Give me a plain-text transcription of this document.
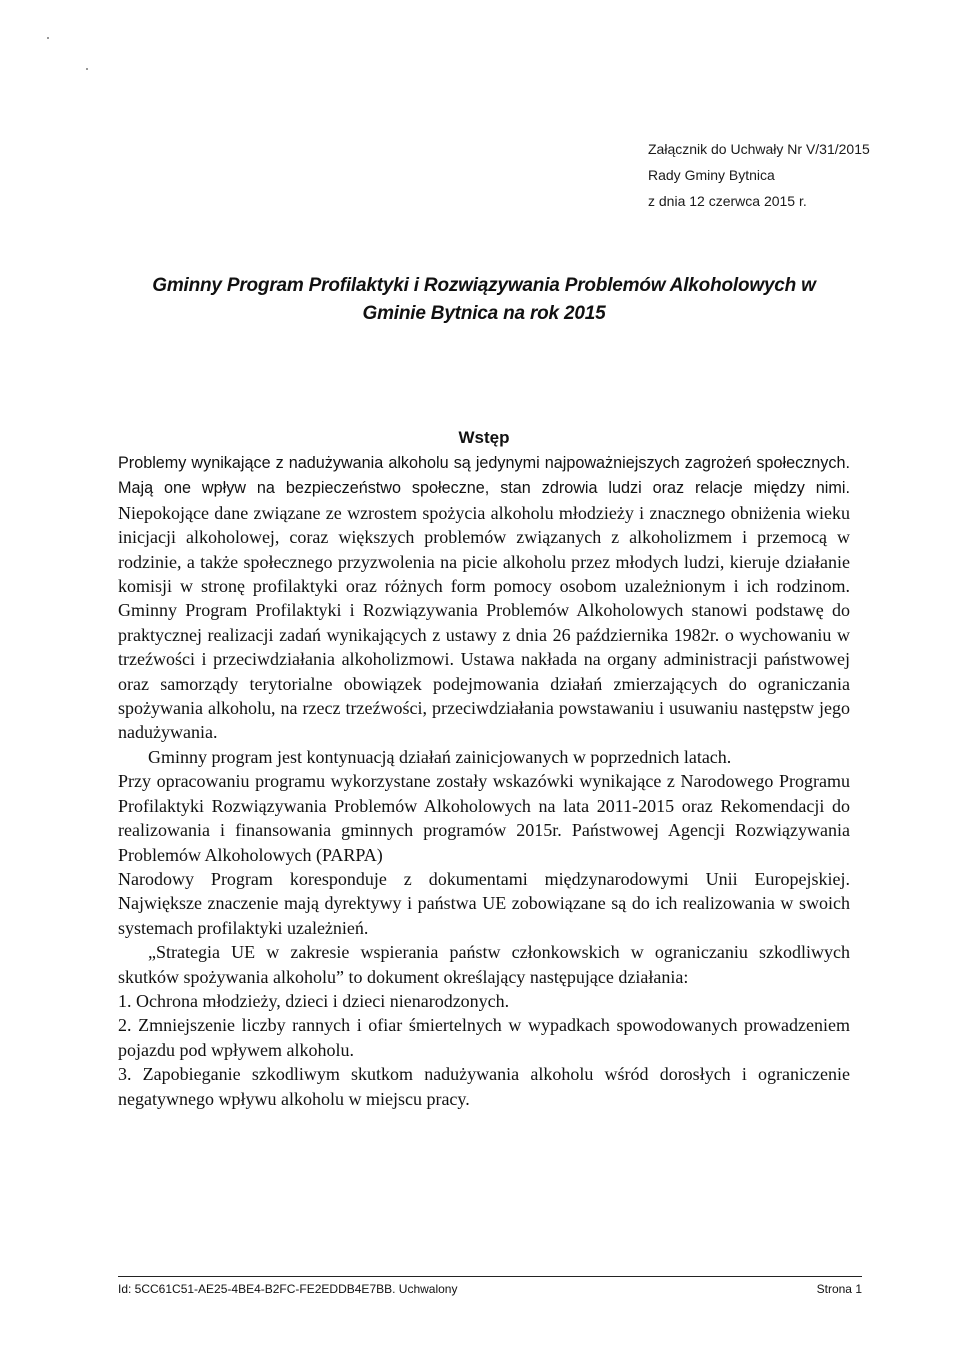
Załącznik do Uchwały Nr V/31/2015
Rady Gminy Bytnica
z dnia 12 czerwca 2015 r.
Gminny Program Profilaktyki i Rozwiązywania Problemów Alkoholowych w
Gminie Bytnica na rok 2015
Wstęp

Problemy wynikające z nadużywania alkoholu są jedynymi najpoważniejszych zagrożeń społecznych. Mają one wpływ na bezpieczeństwo społeczne, stan zdrowia ludzi oraz relacje między nimi. Niepokojące dane związane ze wzrostem spożycia alkoholu młodzieży i znacznego obniżenia wieku inicjacji alkoholowej, coraz większych problemów związanych z alkoholizmem i przemocą w rodzinie, a także społecznego przyzwolenia na picie alkoholu przez młodych ludzi, kieruje działanie komisji w stronę profilaktyki oraz różnych form pomocy osobom uzależnionym i ich rodzinom. Gminny Program Profilaktyki i Rozwiązywania Problemów Alkoholowych stanowi podstawę do praktycznej realizacji zadań wynikających z ustawy z dnia 26 października 1982r. o wychowaniu w trzeźwości i przeciwdziałania alkoholizmowi. Ustawa nakłada na organy administracji państwowej oraz samorządy terytorialne obowiązek podejmowania działań zmierzających do ograniczania spożywania alkoholu, na rzecz trzeźwości, przeciwdziałania powstawaniu i usuwaniu następstw jego nadużywania.

Gminny program jest kontynuacją działań zainicjowanych w poprzednich latach.

Przy opracowaniu programu wykorzystane zostały wskazówki wynikające z Narodowego Programu Profilaktyki Rozwiązywania Problemów Alkoholowych na lata 2011-2015 oraz Rekomendacji do realizowania i finansowania gminnych programów 2015r. Państwowej Agencji Rozwiązywania Problemów Alkoholowych (PARPA)

Narodowy Program koresponduje z dokumentami międzynarodowymi Unii Europejskiej. Największe znaczenie mają dyrektywy i państwa UE zobowiązane są do ich realizowania w swoich systemach profilaktyki uzależnień.

„Strategia UE w zakresie wspierania państw członkowskich w ograniczaniu szkodliwych skutków spożywania alkoholu” to dokument określający następujące działania:

1. Ochrona młodzieży, dzieci i dzieci nienarodzonych.

2. Zmniejszenie liczby rannych i ofiar śmiertelnych w wypadkach spowodowanych prowadzeniem pojazdu pod wpływem alkoholu.

3. Zapobieganie szkodliwym skutkom nadużywania alkoholu wśród dorosłych i ograniczenie negatywnego wpływu alkoholu w miejscu pracy.

Id: 5CC61C51-AE25-4BE4-B2FC-FE2EDDB4E7BB. Uchwalony	Strona 1
